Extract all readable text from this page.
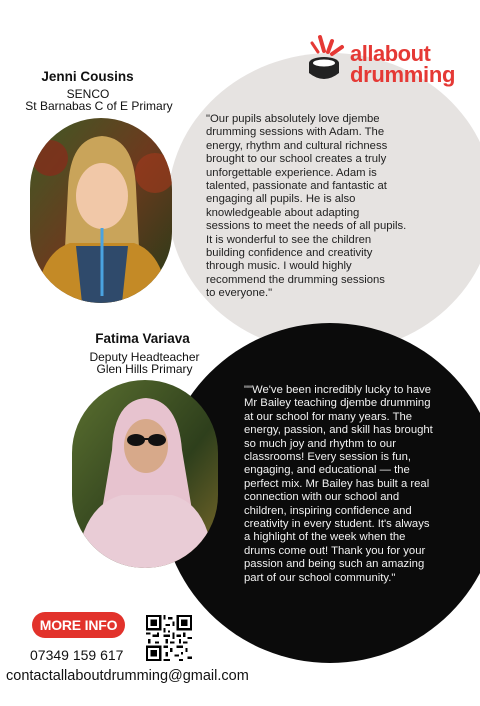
allabout
drumming
Jenni Cousins
SENCO
St Barnabas C of E Primary
"Our pupils absolutely love djembe
drumming sessions with Adam. The
energy, rhythm and cultural richness
brought to our school creates a truly
unforgettable experience. Adam is
talented, passionate and fantastic at
engaging all pupils. He is also
knowledgeable about adapting
sessions to meet the needs of all pupils.
It is wonderful to see the children
building confidence and creativity
through music. I would highly
recommend the drumming sessions
to everyone."
Fatima Variava
Deputy Headteacher
Glen Hills Primary
""We've been incredibly lucky to have
Mr Bailey teaching djembe drumming
at our school for many years. The
energy, passion, and skill has brought
so much joy and rhythm to our
classrooms! Every session is fun,
engaging, and educational — the
perfect mix. Mr Bailey has built a real
connection with our school and
children, inspiring confidence and
creativity in every student. It's always
a highlight of the week when the
drums come out! Thank you for your
passion and being such an amazing
part of our school community."
MORE INFO
07349 159 617
contactallaboutdrumming@gmail.com
